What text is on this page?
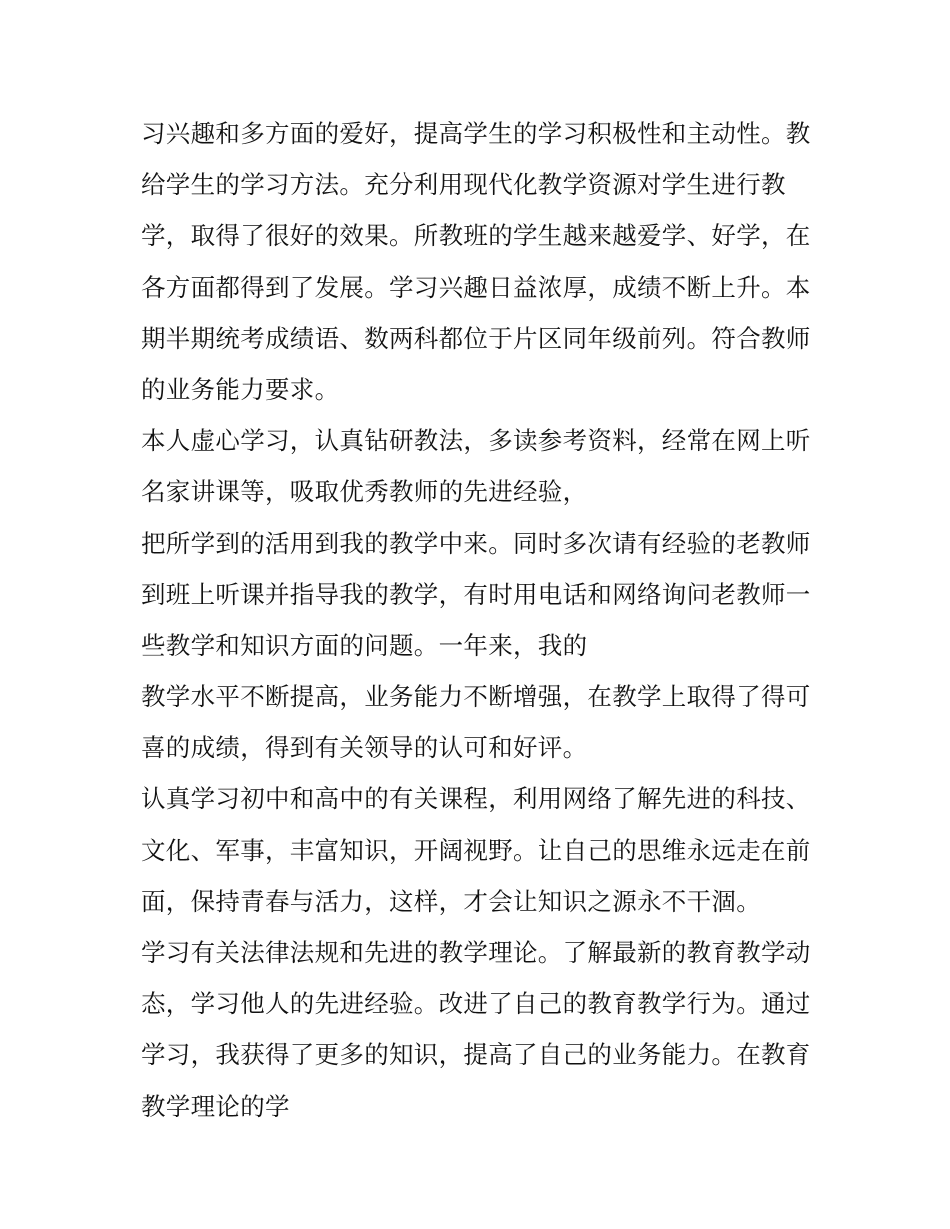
习兴趣和多方面的爱好，提高学生的学习积极性和主动性。教
给学生的学习方法。充分利用现代化教学资源对学生进行教
学，取得了很好的效果。所教班的学生越来越爱学、好学，在
各方面都得到了发展。学习兴趣日益浓厚，成绩不断上升。本
期半期统考成绩语、数两科都位于片区同年级前列。符合教师
的业务能力要求。
本人虚心学习，认真钻研教法，多读参考资料，经常在网上听
名家讲课等，吸取优秀教师的先进经验，
把所学到的活用到我的教学中来。同时多次请有经验的老教师
到班上听课并指导我的教学，有时用电话和网络询问老教师一
些教学和知识方面的问题。一年来，我的
教学水平不断提高，业务能力不断增强，在教学上取得了得可
喜的成绩，得到有关领导的认可和好评。
认真学习初中和高中的有关课程，利用网络了解先进的科技、
文化、军事，丰富知识，开阔视野。让自己的思维永远走在前
面，保持青春与活力，这样，才会让知识之源永不干涸。
学习有关法律法规和先进的教学理论。了解最新的教育教学动
态，学习他人的先进经验。改进了自己的教育教学行为。通过
学习，我获得了更多的知识，提高了自己的业务能力。在教育
教学理论的学
